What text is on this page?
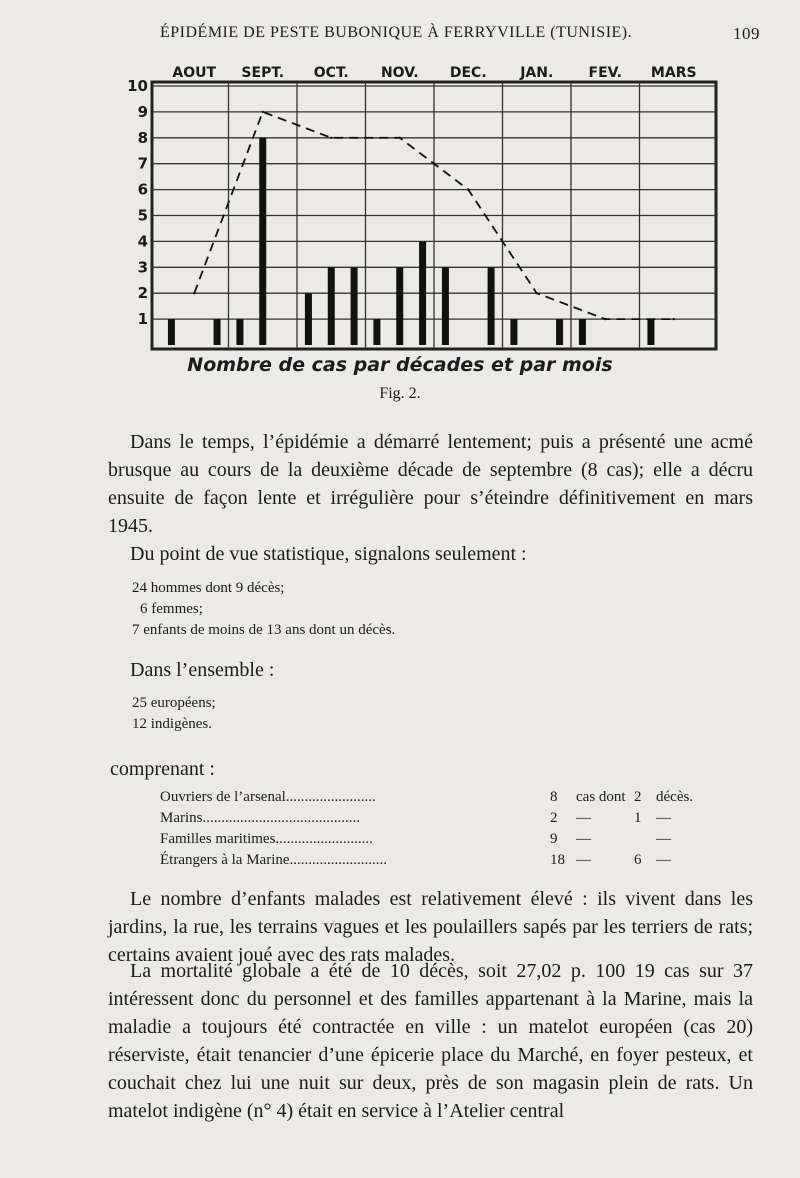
ÉPIDÉMIE DE PESTE BUBONIQUE À FERRYVILLE (TUNISIE).	109
AOUT SEPT. OCT. NOV. DEC. JAN.	FEV. MARS
1
2
3
4
5
6
7
8
9
10
Nombre de cas par décades et par mois
Fig. 2.

Dans le temps, l’épidémie a démarré lentement; puis a présenté une acmé brusque au cours de la deuxième décade de septembre (8 cas); elle a décru ensuite de façon lente et irrégulière pour s’éteindre définitivement en mars 1945.

Du point de vue statistique, signalons seulement :

24 hommes dont 9 décès;

6 femmes;

7 enfants de moins de 13 ans dont un décès.

Dans l’ensemble :

25 européens;

12 indigènes.

comprenant :

Ouvriers de l’arsenal........................	8	cas dont	2	décès.
Marins..........................................	2	—	1	—
Familles maritimes..........................	9	—		—
Étrangers à la Marine..........................	18	—	6	—

Le nombre d’enfants malades est relativement élevé : ils vivent dans les jardins, la rue, les terrains vagues et les poulaillers sapés par les terriers de rats; certains avaient joué avec des rats malades.

La mortalité globale a été de 10 décès, soit 27,02 p. 100 19 cas sur 37 intéressent donc du personnel et des familles appartenant à la Marine, mais la maladie a toujours été contractée en ville : un matelot européen (cas 20) réserviste, était tenancier d’une épicerie place du Marché, en foyer pesteux, et couchait chez lui une nuit sur deux, près de son magasin plein de rats. Un matelot indigène (n° 4) était en service à l’Atelier central
